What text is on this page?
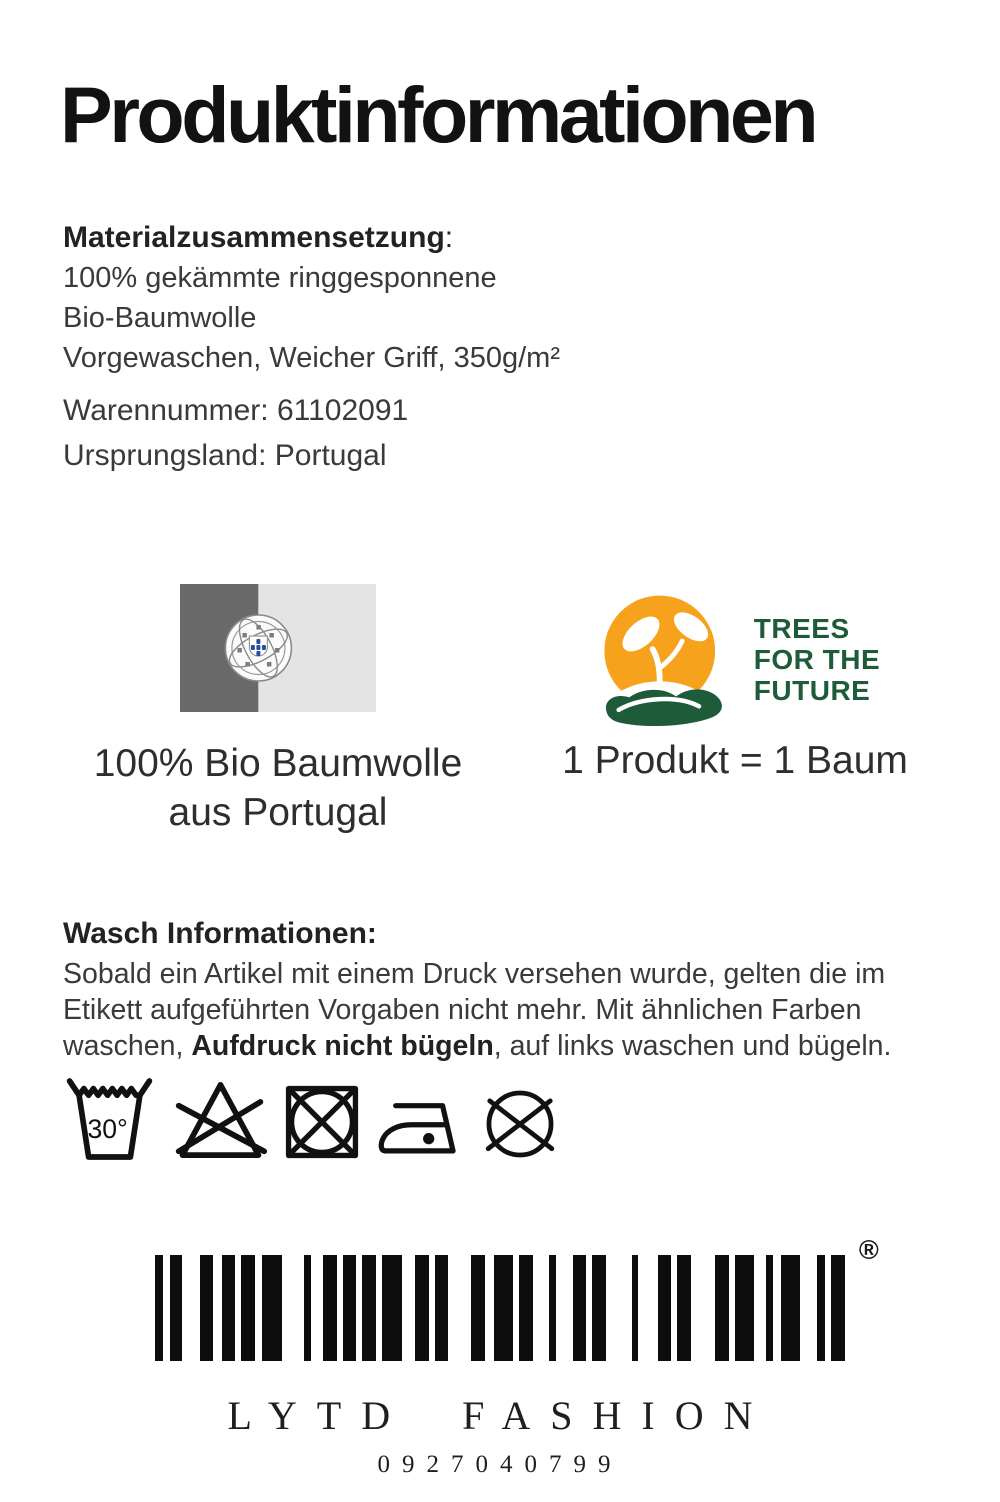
Produktinformationen
Materialzusammensetzung:
100% gekämmte ringgesponnene
Bio-Baumwolle
Vorgewaschen, Weicher Griff, 350g/m²
Warennummer: 61102091
Ursprungsland: Portugal
100% Bio Baumwolle
aus Portugal
TREES
FOR THE
FUTURE
1 Produkt = 1 Baum
Wasch Informationen:
Sobald ein Artikel mit einem Druck versehen wurde, gelten die im
Etikett aufgeführten Vorgaben nicht mehr. Mit ähnlichen Farben
waschen, Aufdruck nicht bügeln, auf links waschen und bügeln.
30°
®
LYTD FASHION
0927040799
